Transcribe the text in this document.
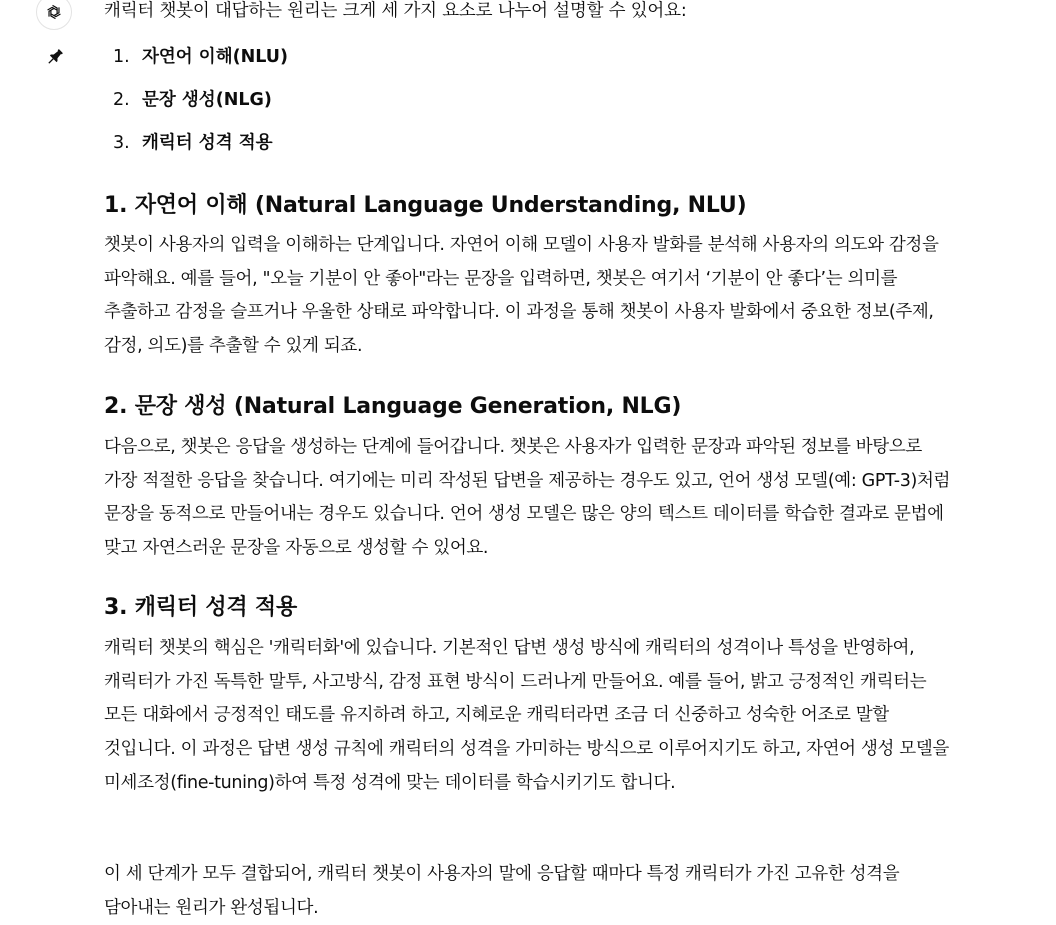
캐릭터 챗봇이 대답하는 원리는 크게 세 가지 요소로 나누어 설명할 수 있어요:

1. 자연어 이해(NLU)
2. 문장 생성(NLG)
3. 캐릭터 성격 적용
1. 자연어 이해 (Natural Language Understanding, NLU)

챗봇이 사용자의 입력을 이해하는 단계입니다. 자연어 이해 모델이 사용자 발화를 분석해 사용자의 의도와 감정을 파악해요. 예를 들어, "오늘 기분이 안 좋아"라는 문장을 입력하면, 챗봇은 여기서 ‘기분이 안 좋다’는 의미를 추출하고 감정을 슬프거나 우울한 상태로 파악합니다. 이 과정을 통해 챗봇이 사용자 발화에서 중요한 정보(주제, 감정, 의도)를 추출할 수 있게 되죠.

2. 문장 생성 (Natural Language Generation, NLG)

다음으로, 챗봇은 응답을 생성하는 단계에 들어갑니다. 챗봇은 사용자가 입력한 문장과 파악된 정보를 바탕으로 가장 적절한 응답을 찾습니다. 여기에는 미리 작성된 답변을 제공하는 경우도 있고, 언어 생성 모델(예: GPT-3)처럼 문장을 동적으로 만들어내는 경우도 있습니다. 언어 생성 모델은 많은 양의 텍스트 데이터를 학습한 결과로 문법에 맞고 자연스러운 문장을 자동으로 생성할 수 있어요.

3. 캐릭터 성격 적용

캐릭터 챗봇의 핵심은 '캐릭터화'에 있습니다. 기본적인 답변 생성 방식에 캐릭터의 성격이나 특성을 반영하여, 캐릭터가 가진 독특한 말투, 사고방식, 감정 표현 방식이 드러나게 만들어요. 예를 들어, 밝고 긍정적인 캐릭터는 모든 대화에서 긍정적인 태도를 유지하려 하고, 지혜로운 캐릭터라면 조금 더 신중하고 성숙한 어조로 말할 것입니다. 이 과정은 답변 생성 규칙에 캐릭터의 성격을 가미하는 방식으로 이루어지기도 하고, 자연어 생성 모델을 미세조정(fine-tuning)하여 특정 성격에 맞는 데이터를 학습시키기도 합니다.

이 세 단계가 모두 결합되어, 캐릭터 챗봇이 사용자의 말에 응답할 때마다 특정 캐릭터가 가진 고유한 성격을 담아내는 원리가 완성됩니다.
